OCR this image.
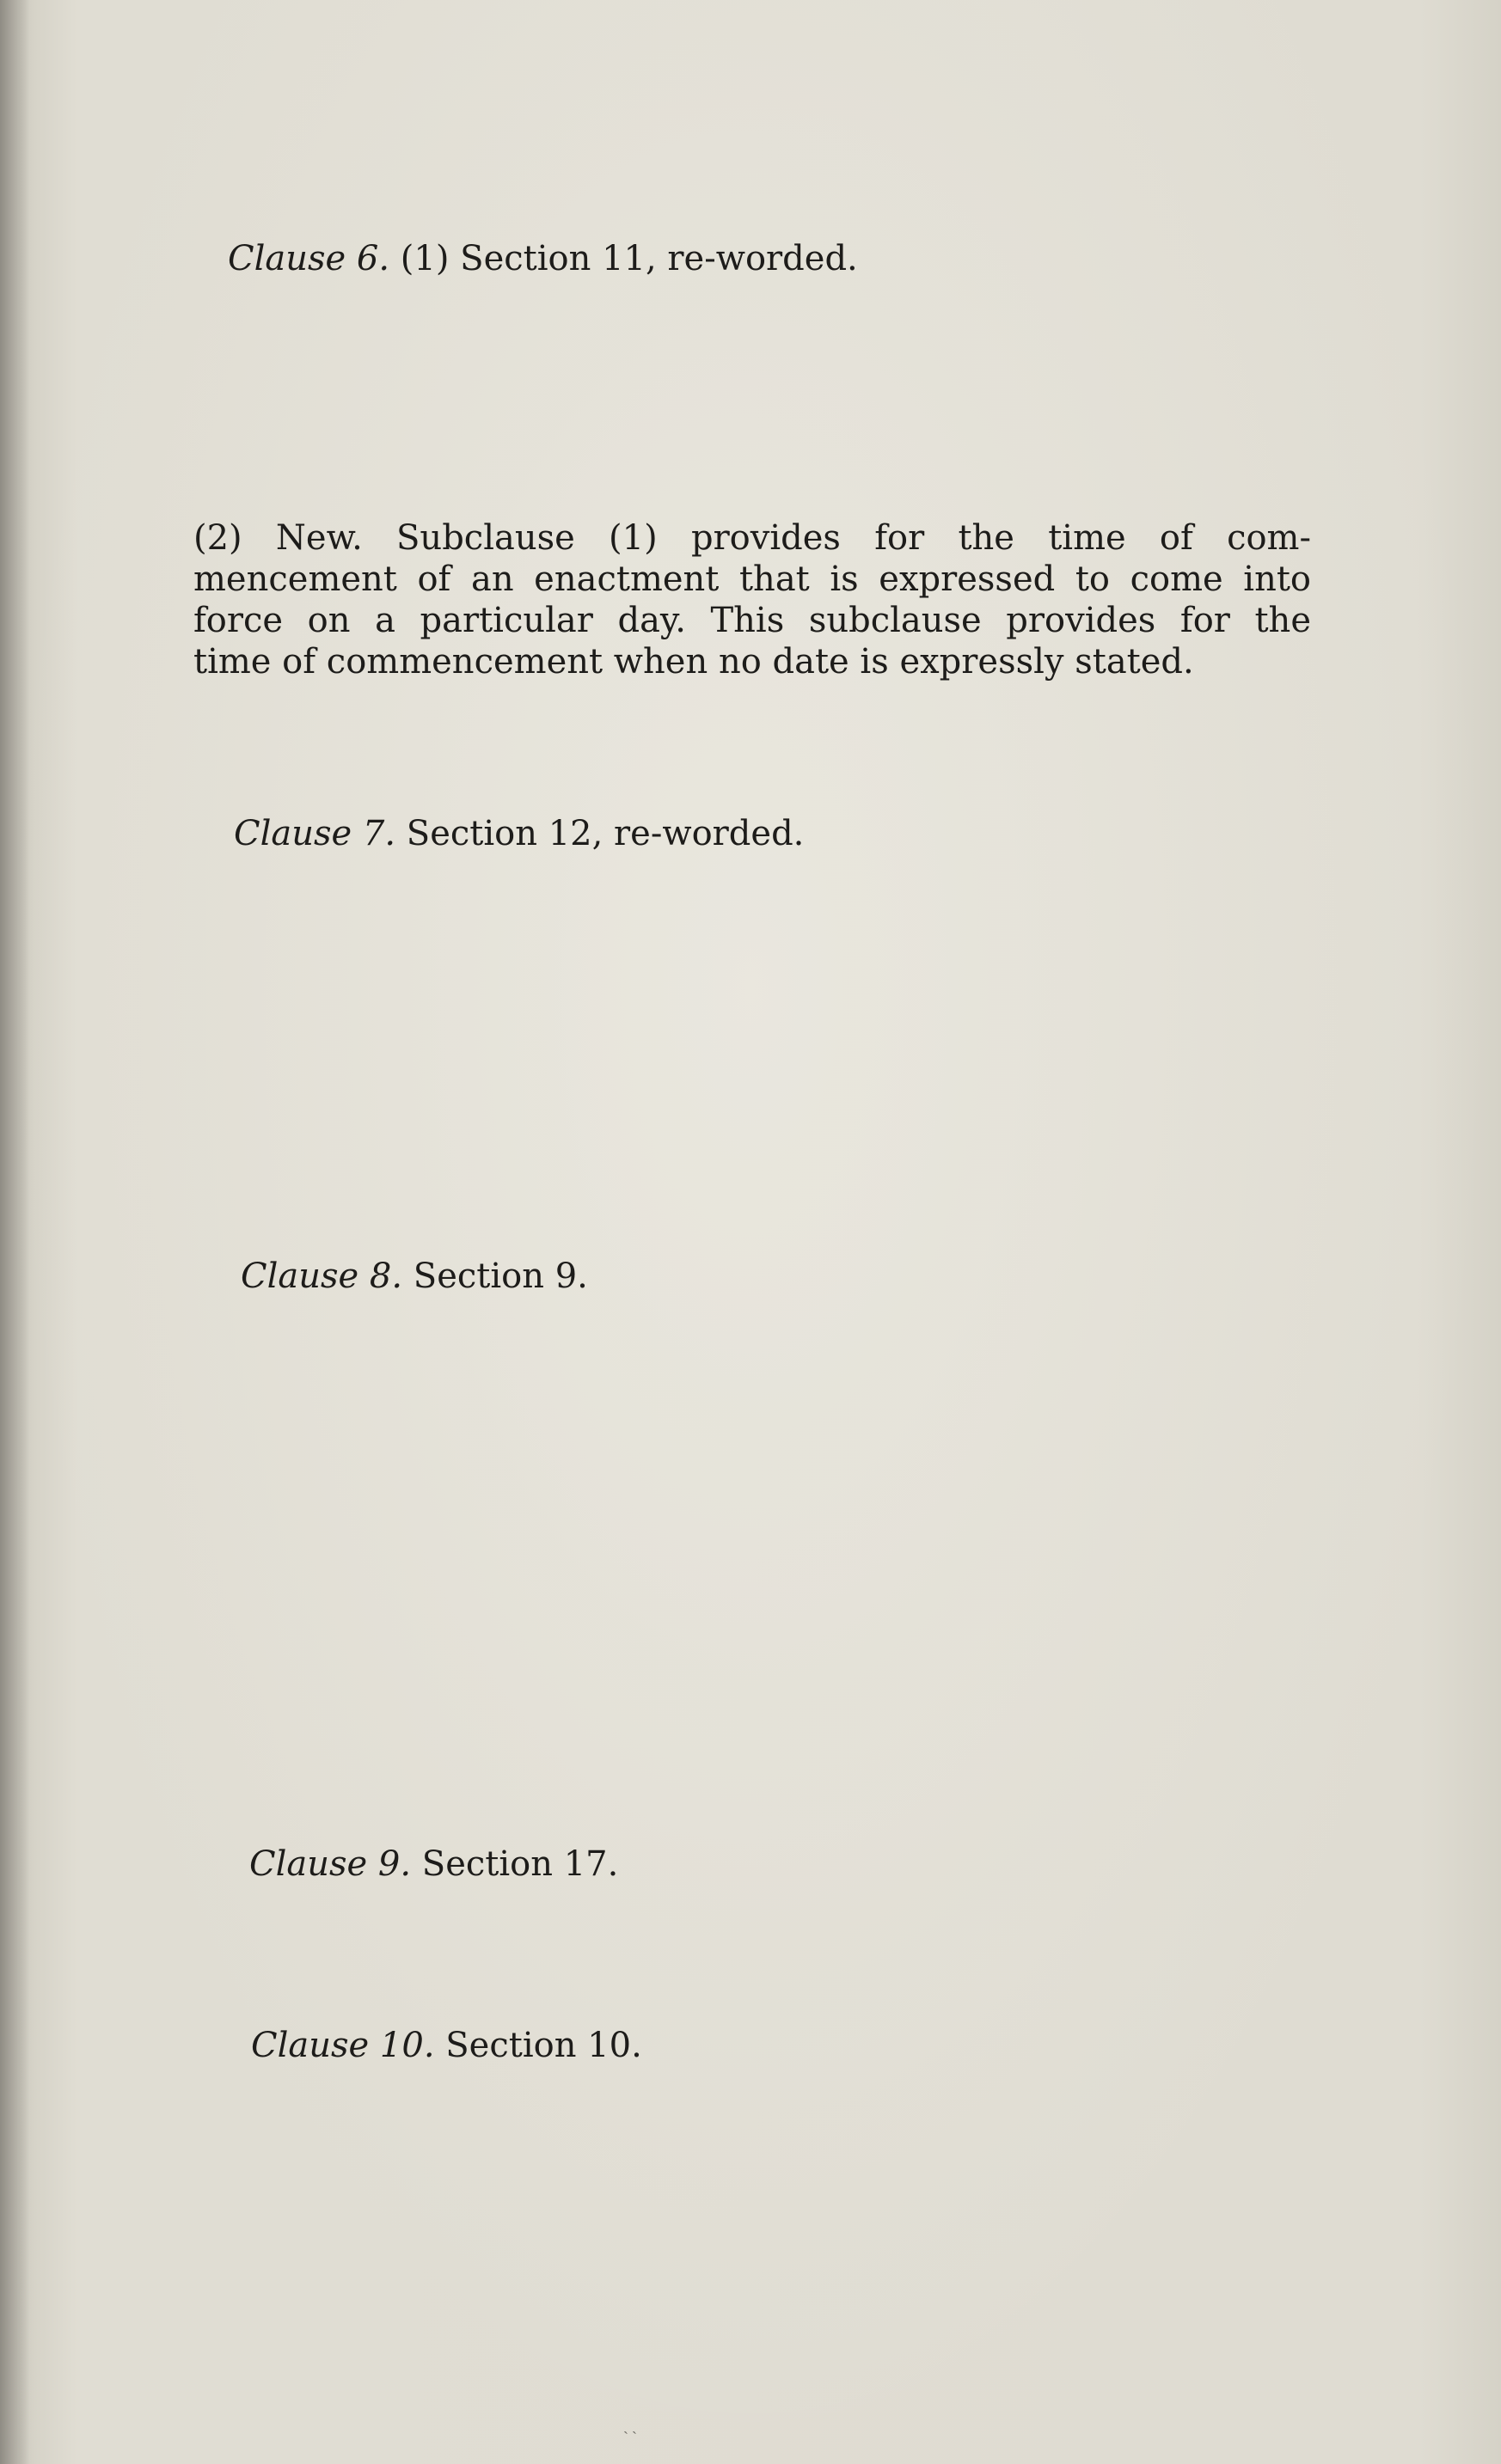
Clause 6. (1) Section 11, re-worded.

(2) New. Subclause (1) provides for the time of com-
mencement of an enactment that is expressed to come into
force on a particular day. This subclause provides for the
time of commencement when no date is expressly stated.

Clause 7. Section 12, re-worded.

Clause 8. Section 9.

Clause 9. Section 17.

Clause 10. Section 10.

ˎˎ
